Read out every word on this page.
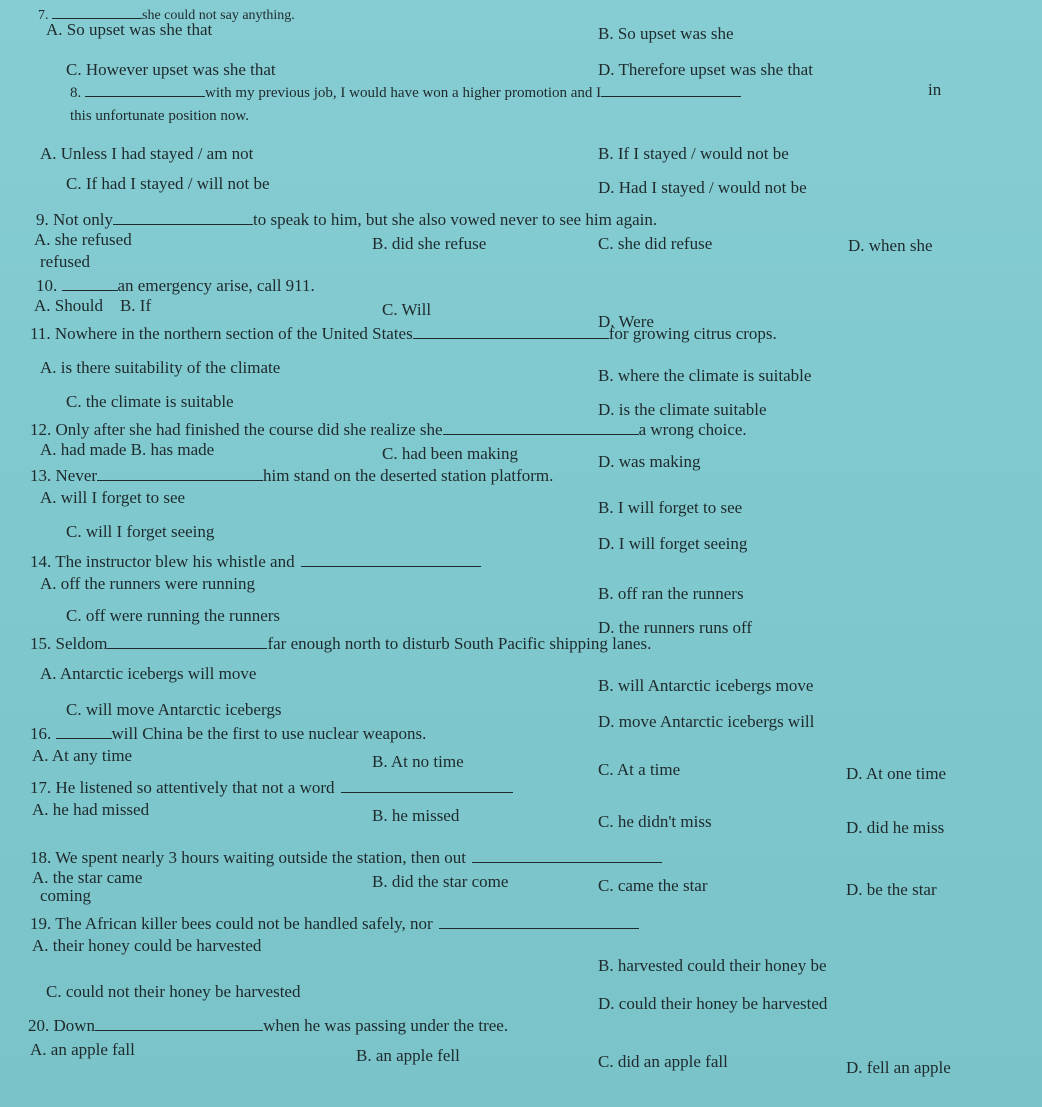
7.	she could not say anything.
A. So upset was she that	B. So upset was she
C. However upset was she that	D. Therefore upset was she that
8.	with my previous job, I would have won a higher promotion and I	in
this unfortunate position now.
A. Unless I had stayed / am not	B. If I stayed / would not be
C. If had I stayed / will not be	D. Had I stayed / would not be
9. Not only	to speak to him, but she also vowed never to see him again.
A. she refused	B. did she refuse	C. she did refuse	D. when she
refused
10.	an emergency arise, call 911.
A. Should    B. If	C. Will
D. Were
11. Nowhere in the northern section of the United States	for growing citrus crops.
A. is there suitability of the climate	B. where the climate is suitable
C. the climate is suitable	D. is the climate suitable
12. Only after she had finished the course did she realize she	a wrong choice.
A. had made B. has made	C. had been making	D. was making
13. Never	him stand on the deserted station platform.
A. will I forget to see
B. I will forget to see
C. will I forget seeing
D. I will forget seeing
14. The instructor blew his whistle and
A. off the runners were running
B. off ran the runners
C. off were running the runners
D. the runners runs off
15. Seldom	far enough north to disturb South Pacific shipping lanes.
A. Antarctic icebergs will move
B. will Antarctic icebergs move
C. will move Antarctic icebergs
D. move Antarctic icebergs will
16.	will China be the first to use nuclear weapons.
A. At any time	B. At no time	C. At a time	D. At one time
17. He listened so attentively that not a word
A. he had missed	B. he missed	C. he didn't miss	D. did he miss
18. We spent nearly 3 hours waiting outside the station, then out
A. the star came	B. did the star come	C. came the star	D. be the star
coming
19. The African killer bees could not be handled safely, nor
A. their honey could be harvested
B. harvested could their honey be
C. could not their honey be harvested
D. could their honey be harvested
20. Down	when he was passing under the tree.
A. an apple fall	B. an apple fell	C. did an apple fall	D. fell an apple
